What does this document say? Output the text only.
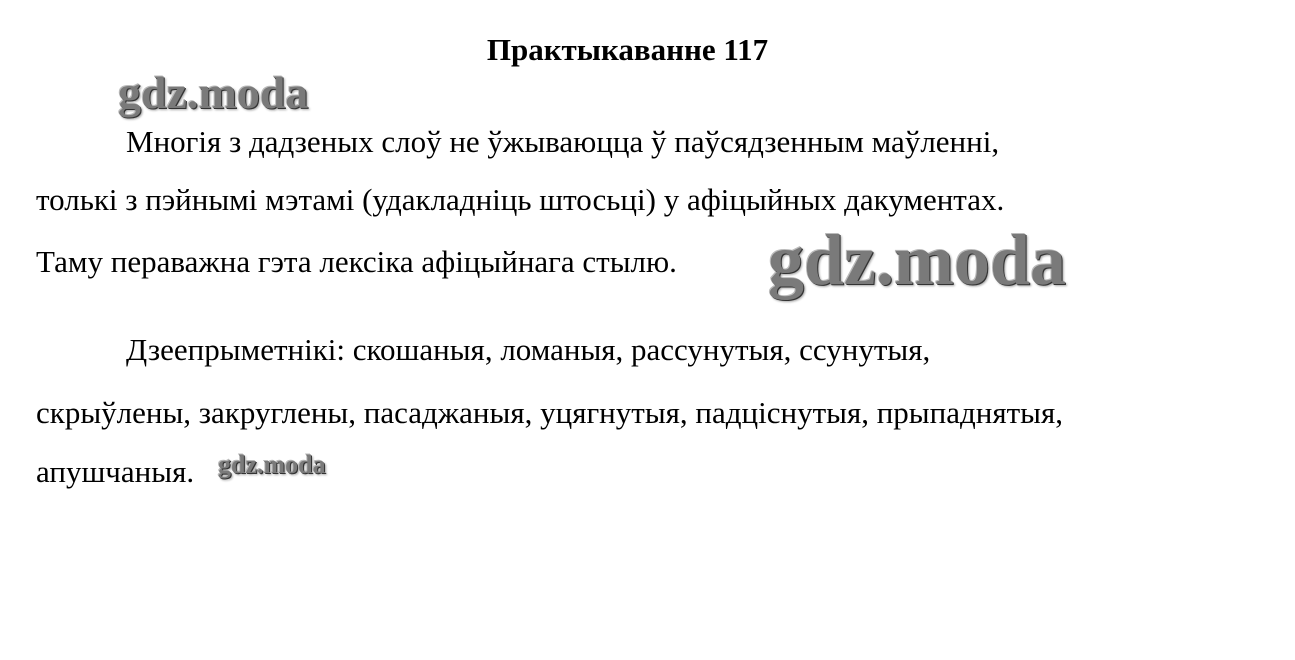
Практыкаванне 117
Многія з дадзеных слоў не ўжываюцца ў паўсядзенным маўленні,
толькі з пэйнымі мэтамі (удакладніць штосьці) у афіцыйных дакументах.
Таму пераважна гэта лексіка афіцыйнага стылю.
Дзеепрыметнікі: скошаныя, ломаныя, рассунутыя, ссунутыя,
скрыўлены, закруглены, пасаджаныя, уцягнутыя, падціснутыя, прыпаднятыя,
апушчаныя.
gdz.moda
gdz.moda
gdz.moda
